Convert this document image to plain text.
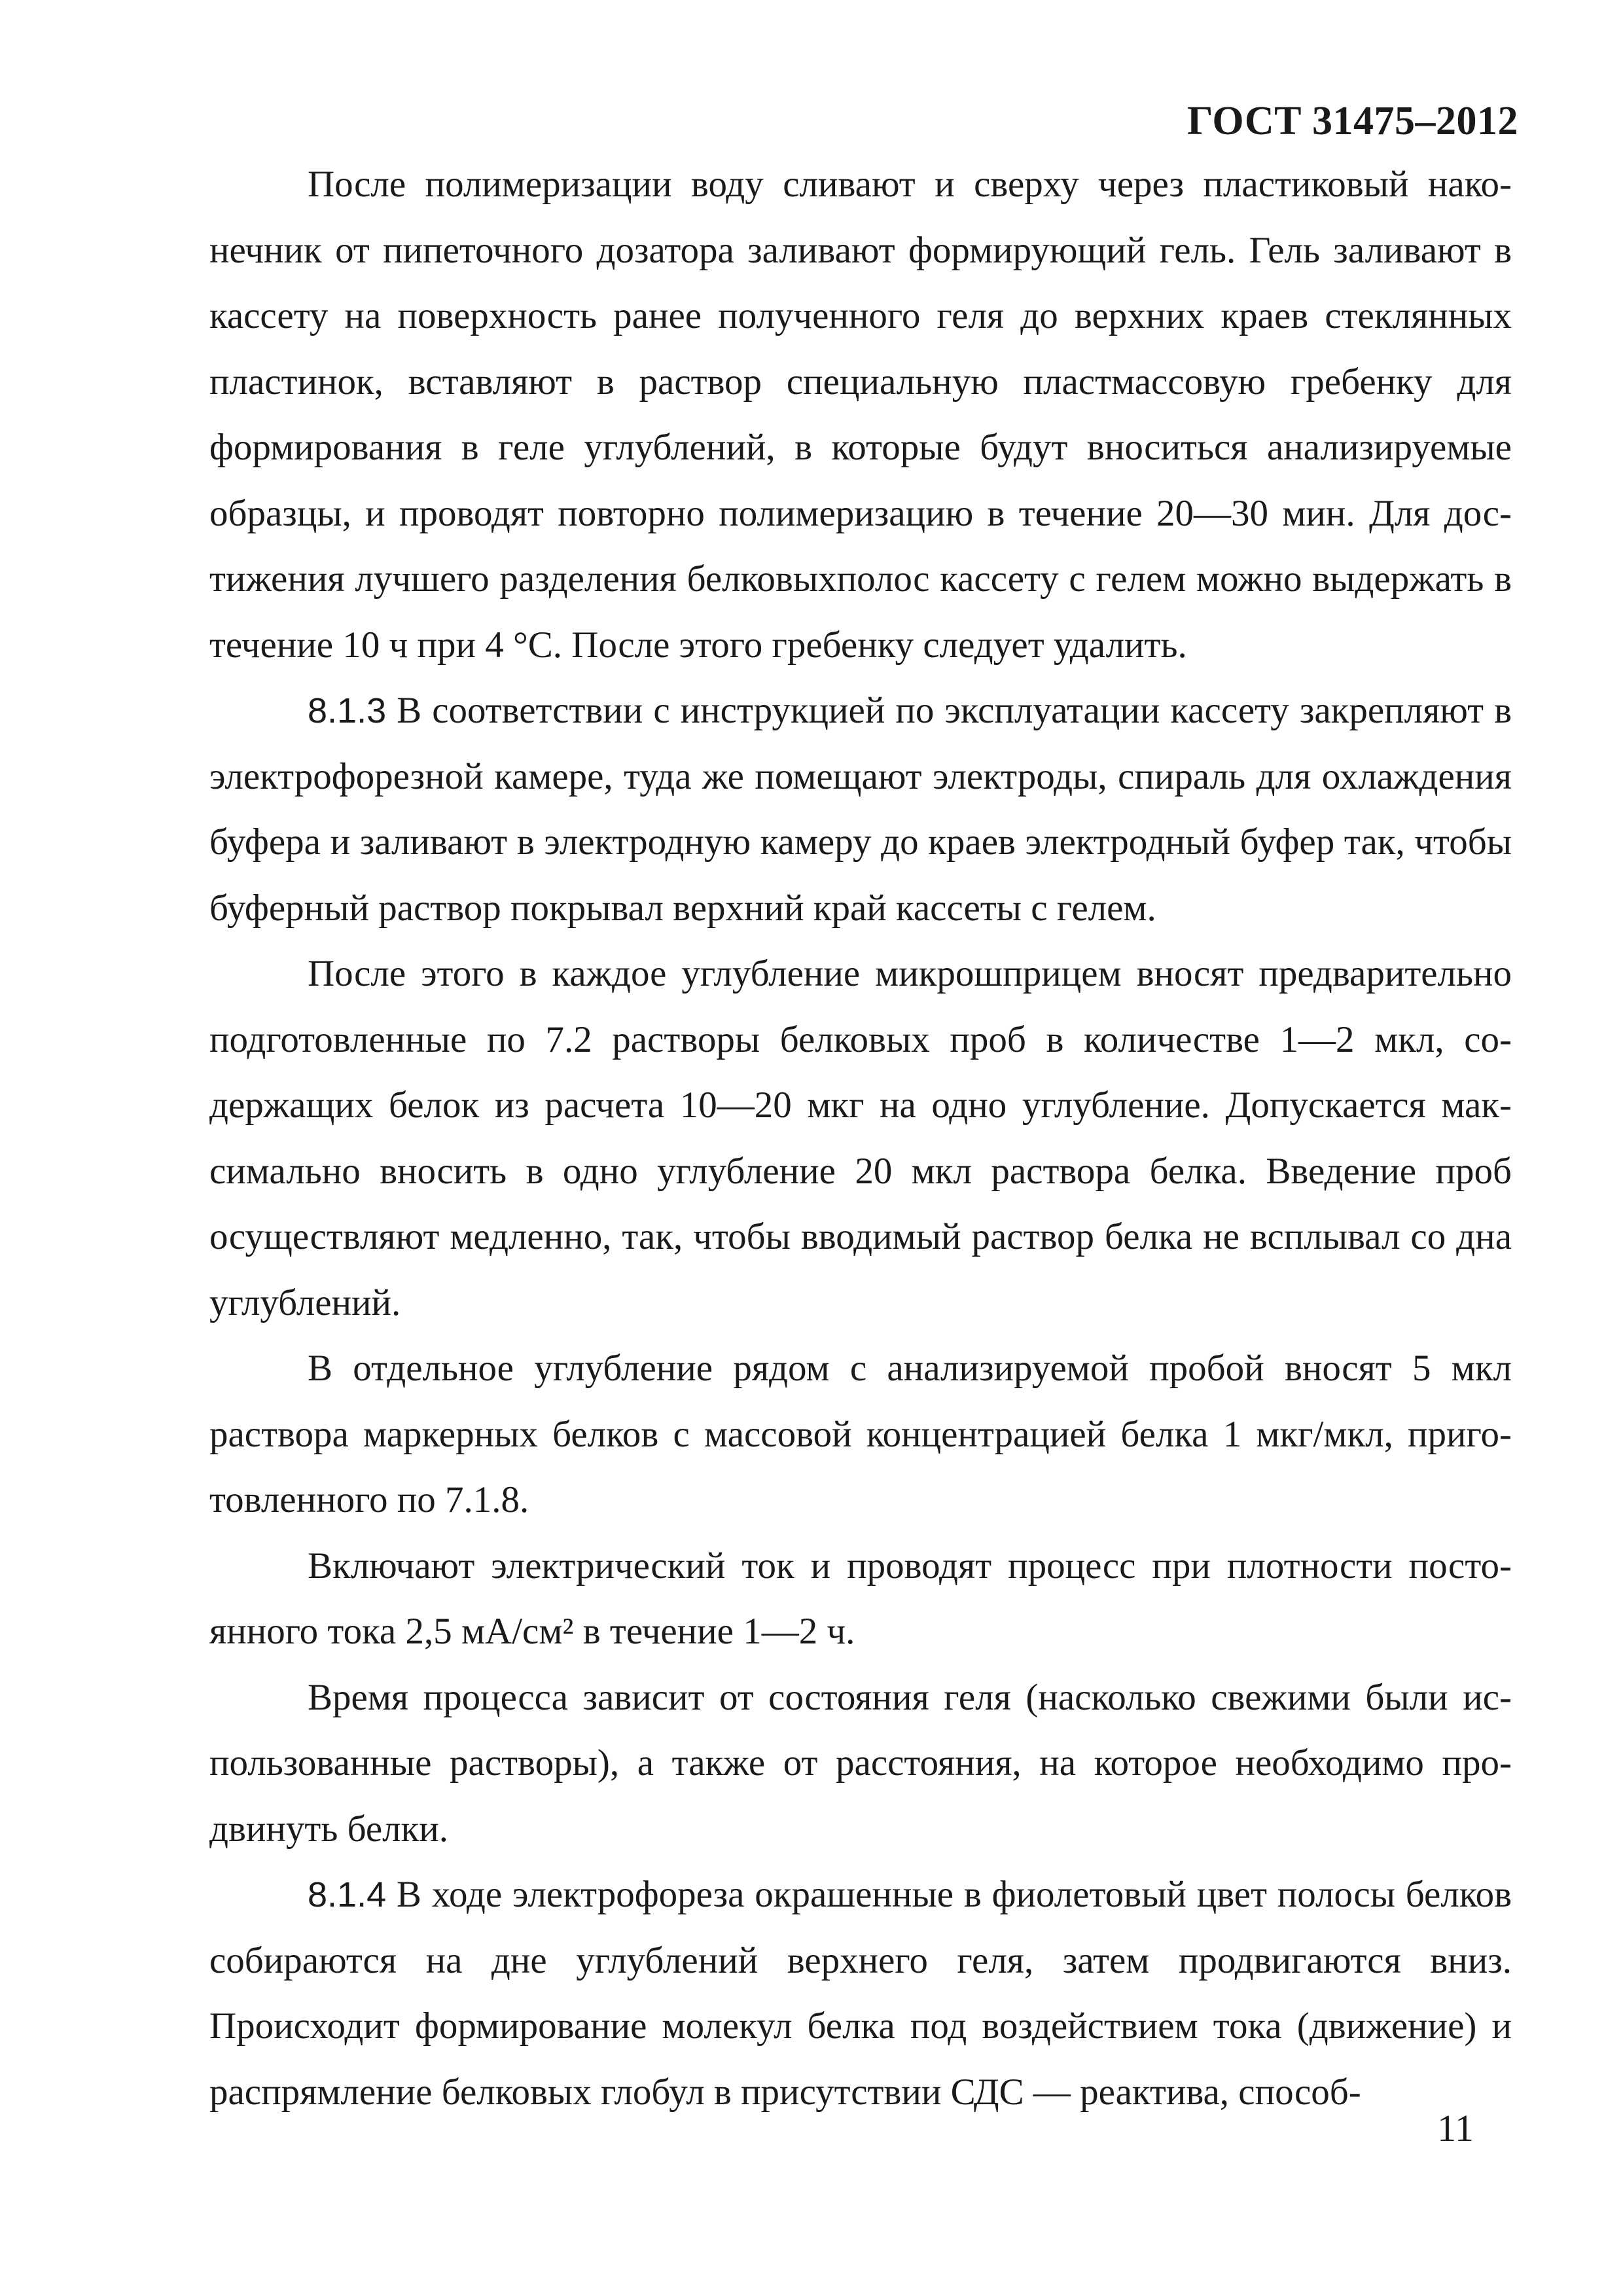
ГОСТ 31475–2012

После полимеризации воду сливают и сверху через пластиковый наконечник от пипеточного дозатора заливают формирующий гель. Гель заливают в кассету на поверхность ранее полученного геля до верхних краев стеклянных пластинок, вставляют в раствор специальную пластмассовую гребенку для формирования в геле углублений, в которые будут вноситься анализируемые образцы, и проводят повторно полимеризацию в течение 20—30 мин. Для достижения лучшего разделения белковыхполос кассету с гелем можно выдержать в течение 10 ч при 4 °С. После этого гребенку следует удалить.

8.1.3 В соответствии с инструкцией по эксплуатации кассету закрепляют в электрофорезной камере, туда же помещают электроды, спираль для охлаждения буфера и заливают в электродную камеру до краев электродный буфер так, чтобы буферный раствор покрывал верхний край кассеты с гелем.

После этого в каждое углубление микрошприцем вносят предварительно подготовленные по 7.2 растворы белковых проб в количестве 1—2 мкл, содержащих белок из расчета 10—20 мкг на одно углубление. Допускается максимально вносить в одно углубление 20 мкл раствора белка. Введение проб осуществляют медленно, так, чтобы вводимый раствор белка не всплывал со дна углублений.

В отдельное углубление рядом с анализируемой пробой вносят 5 мкл раствора маркерных белков с массовой концентрацией белка 1 мкг/мкл, приготовленного по 7.1.8.

Включают электрический ток и проводят процесс при плотности постоянного тока 2,5 мА/см² в течение 1—2 ч.

Время процесса зависит от состояния геля (насколько свежими были использованные растворы), а также от расстояния, на которое необходимо продвинуть белки.

8.1.4 В ходе электрофореза окрашенные в фиолетовый цвет полосы белков собираются на дне углублений верхнего геля, затем продвигаются вниз. Происходит формирование молекул белка под воздействием тока (движение) и распрямление белковых глобул в присутствии СДС — реактива, способ-

11
